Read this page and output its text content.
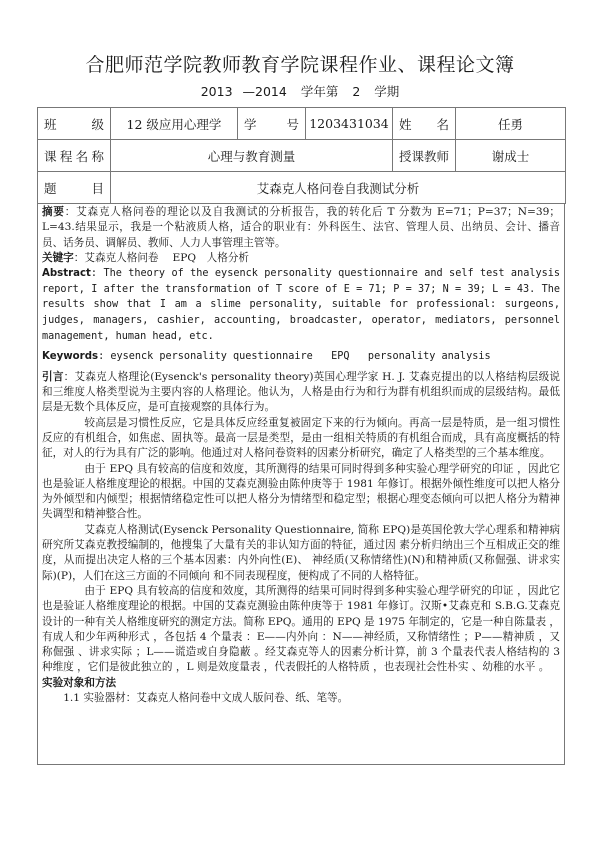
合肥师范学院教师教育学院课程作业、课程论文簿
2013 —2014 学年第 2 学期
班 级	12 级应用心理学	学 号	1203431034	姓 名	任勇
课程名称	心理与教育测量			授课教师	谢成士
题 目	艾森克人格问卷自我测试分析				

摘要：艾森克人格问卷的理论以及自我测试的分析报告，我的转化后 T 分数为 E=71；P=37；N=39；L=43.结果显示，我是一个粘液质人格，适合的职业有：外科医生、法官、管理人员、出纳员、会计、播音员、话务员、调解员、教师、人力人事管理主管等。

关键字：艾森克人格问卷　 EPQ　人格分析

Abstract: The theory of the eysenck personality questionnaire and self test analysis report, I after the transformation of T score of E = 71; P = 37; N = 39; L = 43. The results show that I am a slime personality, suitable for professional: surgeons, judges, managers, cashier, accounting, broadcaster, operator, mediators, personnel management, human head, etc.

Keywords: eysenck personality questionnaire   EPQ   personality analysis

引言：艾森克人格理论(Eysenck's personality theory)英国心理学家 H. J. 艾森克提出的以人格结构层级说和三维度人格类型说为主要内容的人格理论。他认为，人格是由行为和行为群有机组织而成的层级结构。最低层是无数个具体反应，是可直接观察的具体行为。

较高层是习惯性反应，它是具体反应经重复被固定下来的行为倾向。再高一层是特质，是一组习惯性反应的有机组合，如焦虑、固执等。最高一层是类型，是由一组相关特质的有机组合而成，具有高度概括的特征，对人的行为具有广泛的影响。他通过对人格问卷资料的因素分析研究，确定了人格类型的三个基本维度。

由于 EPQ 具有较高的信度和效度，其所测得的结果可同时得到多种实验心理学研究的印证 ，因此它也是验证人格维度理论的根据。中国的艾森克测验由陈仲庚等于 1981 年修订。根据外倾性维度可以把人格分为外倾型和内倾型；根据情绪稳定性可以把人格分为情绪型和稳定型；根据心理变态倾向可以把人格分为精神失调型和精神整合性。

艾森克人格测试(Eysenck Personality Questionnaire, 简称 EPQ)是英国伦敦大学心理系和精神病研究所艾森克教授编制的，他搜集了大量有关的非认知方面的特征，通过因 素分析归纳出三个互相成正交的维度，从而提出决定人格的三个基本因素：内外向性(E)、 神经质(又称情绪性)(N)和精神质(又称倔强、讲求实际)(P)，人们在这三方面的不同倾向 和不同表现程度，便构成了不同的人格特征。

由于 EPQ 具有较高的信度和效度，其所测得的结果可同时得到多种实验心理学研究的印证 ，因此它也是验证人格维度理论的根据。中国的艾森克测验由陈仲庚等于 1981 年修订。汉斯•艾森克和 S.B.G.艾森克设计的一种有关人格维度研究的测定方法。简称 EPQ。通用的 EPQ 是 1975 年制定的，它是一种自陈量表 ，有成人和少年两种形式 ，各包括 4 个量表 ：E——内外向 ：N——神经质，又称情绪性 ；P——精神质 ，又称倔强 、讲求实际 ；L——谎造或自身隐蔽 。经艾森克等人的因素分析计算，前 3 个量表代表人格结构的 3 种维度 ，它们是彼此独立的 ，L 则是效度量表 ，代表假托的人格特质 ，也表现社会性朴实 、幼稚的水平 。

实验对象和方法

1.1 实验器材：艾森克人格问卷中文成人版问卷、纸、笔等。
